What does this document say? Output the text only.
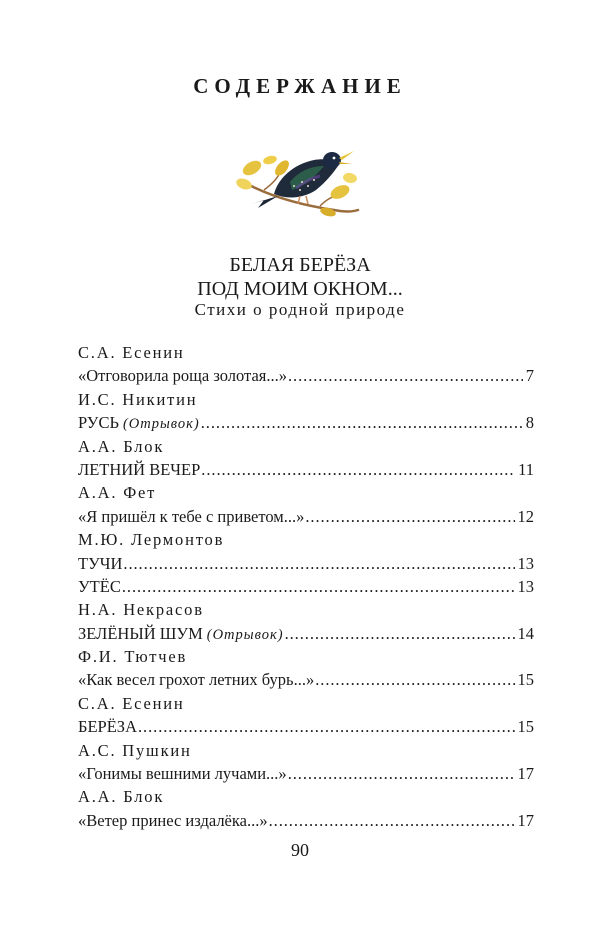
СОДЕРЖАНИЕ
БЕЛАЯ БЕРЁЗА
ПОД МОИМ ОКНОМ...
Стихи о родной природе
С.А. Есенин
«Отговорила роща золотая...» . . .	7
И.С. Никитин
РУСЬ (Отрывок) . . .	8
А.А. Блок
ЛЕТНИЙ ВЕЧЕР . . .	11
А.А. Фет
«Я пришёл к тебе с приветом...» . . .	12
М.Ю. Лермонтов
ТУЧИ . . .	13
УТЁС . . .	13
Н.А. Некрасов
ЗЕЛЁНЫЙ ШУМ (Отрывок) . . .	14
Ф.И. Тютчев
«Как весел грохот летних бурь...» . . .	15
С.А. Есенин
БЕРЁЗА . . .	15
А.С. Пушкин
«Гонимы вешними лучами...» . . .	17
А.А. Блок
«Ветер принес издалёка...» . . .	17
90
